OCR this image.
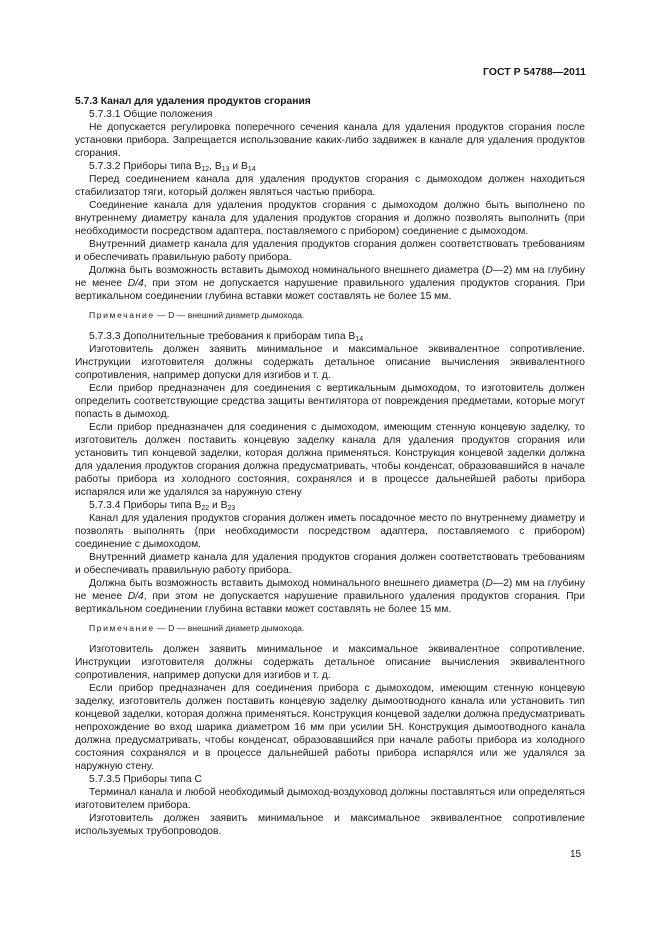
ГОСТ Р 54788—2011

5.7.3 Канал для удаления продуктов сгорания

5.7.3.1 Общие положения

Не допускается регулировка поперечного сечения канала для удаления продуктов сгорания после установки прибора. Запрещается использование каких-либо задвижек в канале для удаления продуктов сгорания.

5.7.3.2 Приборы типа $В_{12}$, $В_{13}$ и $В_{14}$

Перед соединением канала для удаления продуктов сгорания с дымоходом должен находиться стабилизатор тяги, который должен являться частью прибора.

Соединение канала для удаления продуктов сгорания с дымоходом должно быть выполнено по внутреннему диаметру канала для удаления продуктов сгорания и должно позволять выполнить (при необходимости посредством адаптера, поставляемого с прибором) соединение с дымоходом.

Внутренний диаметр канала для удаления продуктов сгорания должен соответствовать требованиям и обеспечивать правильную работу прибора.

Должна быть возможность вставить дымоход номинального внешнего диаметра (D—2) мм на глубину не менее D/4, при этом не допускается нарушение правильного удаления продуктов сгорания. При вертикальном соединении глубина вставки может составлять не более 15 мм.

Примечание — D — внешний диаметр дымохода.

5.7.3.3 Дополнительные требования к приборам типа $В_{14}$

Изготовитель должен заявить минимальное и максимальное эквивалентное сопротивление. Инструкции изготовителя должны содержать детальное описание вычисления эквивалентного сопротивления, например допуски для изгибов и т. д.

Если прибор предназначен для соединения с вертикальным дымоходом, то изготовитель должен определить соответствующие средства защиты вентилятора от повреждения предметами, которые могут попасть в дымоход.

Если прибор предназначен для соединения с дымоходом, имеющим стенную концевую заделку, то изготовитель должен поставить концевую заделку канала для удаления продуктов сгорания или установить тип концевой заделки, которая должна применяться. Конструкция концевой заделки должна для удаления продуктов сгорания должна предусматривать, чтобы конденсат, образовавшийся в начале работы прибора из холодного состояния, сохранялся и в процессе дальнейшей работы прибора испарялся или же удалялся за наружную стену

5.7.3.4 Приборы типа $В_{22}$ и $В_{23}$

Канал для удаления продуктов сгорания должен иметь посадочное место по внутреннему диаметру и позволять выполнять (при необходимости посредством адаптера, поставляемого с прибором) соединение с дымоходом.

Внутренний диаметр канала для удаления продуктов сгорания должен соответствовать требованиям и обеспечивать правильную работу прибора.

Должна быть возможность вставить дымоход номинального внешнего диаметра (D—2) мм на глубину не менее D/4, при этом не допускается нарушение правильного удаления продуктов сгорания. При вертикальном соединении глубина вставки может составлять не более 15 мм.

Примечание — D — внешний диаметр дымохода.

Изготовитель должен заявить минимальное и максимальное эквивалентное сопротивление. Инструкции изготовителя должны содержать детальное описание вычисления эквивалентного сопротивления, например допуски для изгибов и т. д.

Если прибор предназначен для соединения прибора с дымоходом, имеющим стенную концевую заделку, изготовитель должен поставить концевую заделку дымоотводного канала или установить тип концевой заделки, которая должна применяться. Конструкция концевой заделки должна предусматривать непрохождение во вход шарика диаметром 16 мм при усилии 5Н. Конструкция дымоотводного канала должна предусматривать, чтобы конденсат, образовавшийся при начале работы прибора из холодного состояния сохранялся и в процессе дальнейшей работы прибора испарялся или же удалялся за наружную стену.

5.7.3.5 Приборы типа С

Терминал канала и любой необходимый дымоход-воздуховод должны поставляться или определяться изготовителем прибора.

Изготовитель должен заявить минимальное и максимальное эквивалентное сопротивление используемых трубопроводов.

15
